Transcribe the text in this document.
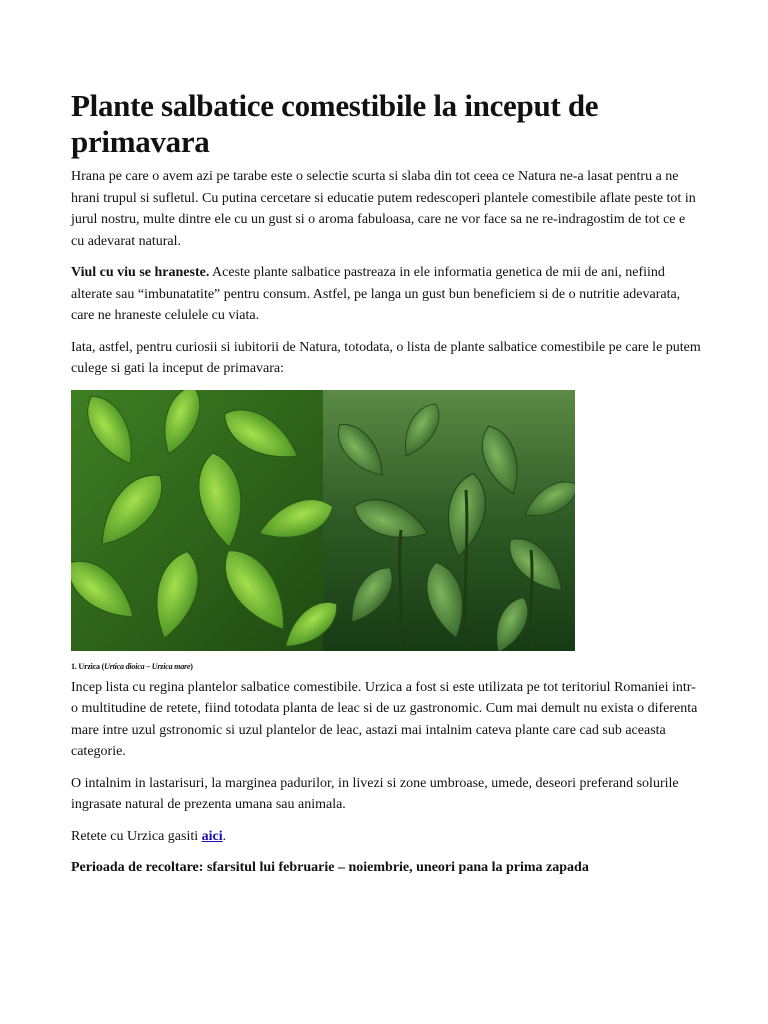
Plante salbatice comestibile la inceput de primavara

Hrana pe care o avem azi pe tarabe este o selectie scurta si slaba din tot ceea ce Natura ne-a lasat pentru a ne hrani trupul si sufletul. Cu putina cercetare si educatie putem redescoperi plantele comestibile aflate peste tot in jurul nostru, multe dintre ele cu un gust si o aroma fabuloasa, care ne vor face sa ne re-indragostim de tot ce e cu adevarat natural.

Viul cu viu se hraneste. Aceste plante salbatice pastreaza in ele informatia genetica de mii de ani, nefiind alterate sau “imbunatatite” pentru consum. Astfel, pe langa un gust bun beneficiem si de o nutritie adevarata, care ne hraneste celulele cu viata.

Iata, astfel, pentru curiosii si iubitorii de Natura, totodata, o lista de plante salbatice comestibile pe care le putem culege si gati la inceput de primavara:

1. Urzica (Urtica dioica – Urzica mare)

Incep lista cu regina plantelor salbatice comestibile. Urzica a fost si este utilizata pe tot teritoriul Romaniei intr-o multitudine de retete, fiind totodata planta de leac si de uz gastronomic. Cum mai demult nu exista o diferenta mare intre uzul gstronomic si uzul plantelor de leac, astazi mai intalnim cateva plante care cad sub aceasta categorie.

O intalnim in lastarisuri, la marginea padurilor, in livezi si zone umbroase, umede, deseori preferand solurile ingrasate natural de prezenta umana sau animala.

Retete cu Urzica gasiti aici.

Perioada de recoltare: sfarsitul lui februarie – noiembrie, uneori pana la prima zapada
